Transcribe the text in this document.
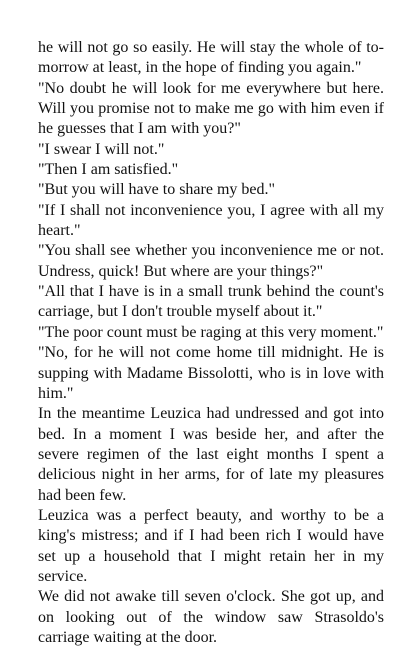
he will not go so easily. He will stay the whole of to-morrow at least, in the hope of finding you again."

"No doubt he will look for me everywhere but here. Will you promise not to make me go with him even if he guesses that I am with you?"

"I swear I will not."

"Then I am satisfied."

"But you will have to share my bed."

"If I shall not inconvenience you, I agree with all my heart."

"You shall see whether you inconvenience me or not. Undress, quick! But where are your things?"

"All that I have is in a small trunk behind the count's carriage, but I don't trouble myself about it."

"The poor count must be raging at this very moment."

"No, for he will not come home till midnight. He is supping with Madame Bissolotti, who is in love with him."

In the meantime Leuzica had undressed and got into bed. In a moment I was beside her, and after the severe regimen of the last eight months I spent a delicious night in her arms, for of late my pleasures had been few.

Leuzica was a perfect beauty, and worthy to be a king's mistress; and if I had been rich I would have set up a household that I might retain her in my service.

We did not awake till seven o'clock. She got up, and on looking out of the window saw Strasoldo's carriage waiting at the door.
